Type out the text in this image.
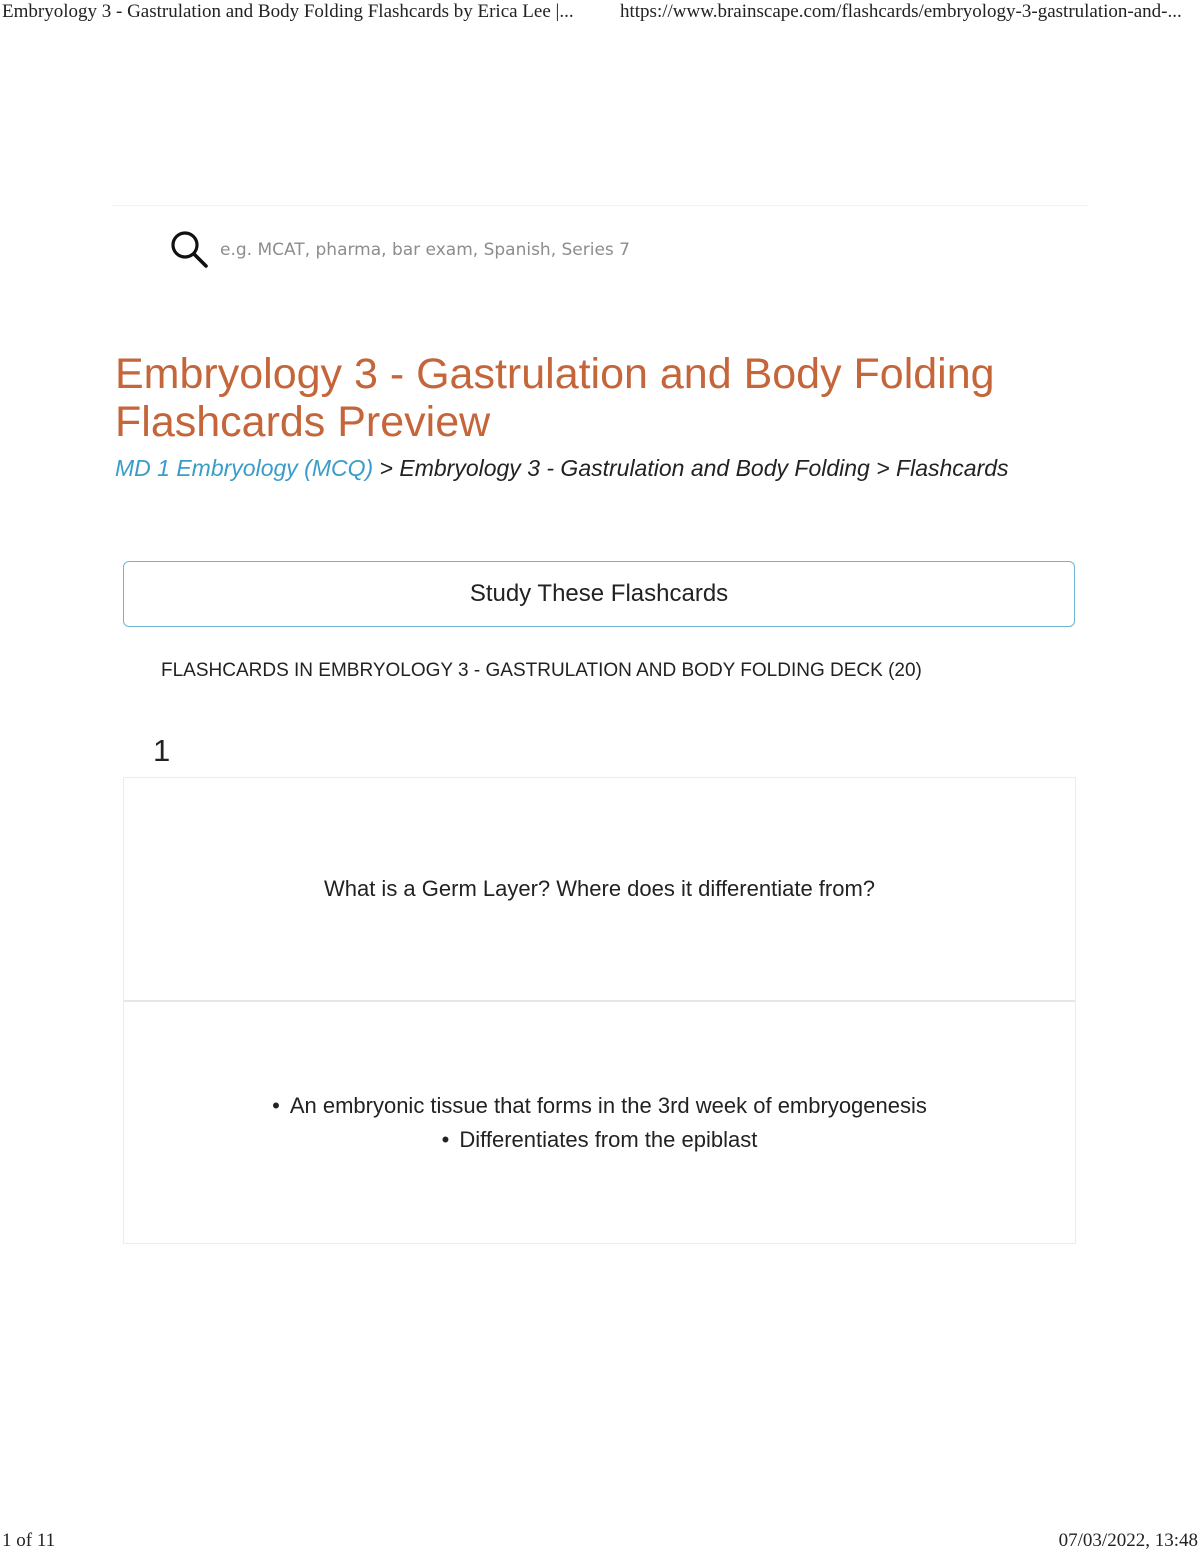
Embryology 3 - Gastrulation and Body Folding Flashcards by Erica Lee |... https://www.brainscape.com/flashcards/embryology-3-gastrulation-and-...
e.g. MCAT, pharma, bar exam, Spanish, Series 7
Embryology 3 - Gastrulation and Body Folding Flashcards Preview
MD 1 Embryology (MCQ) > Embryology 3 - Gastrulation and Body Folding > Flashcards
Study These Flashcards
FLASHCARDS IN EMBRYOLOGY 3 - GASTRULATION AND BODY FOLDING DECK (20)
1
What is a Germ Layer? Where does it differentiate from?
• An embryonic tissue that forms in the 3rd week of embryogenesis
• Differentiates from the epiblast
1 of 11	07/03/2022, 13:48
